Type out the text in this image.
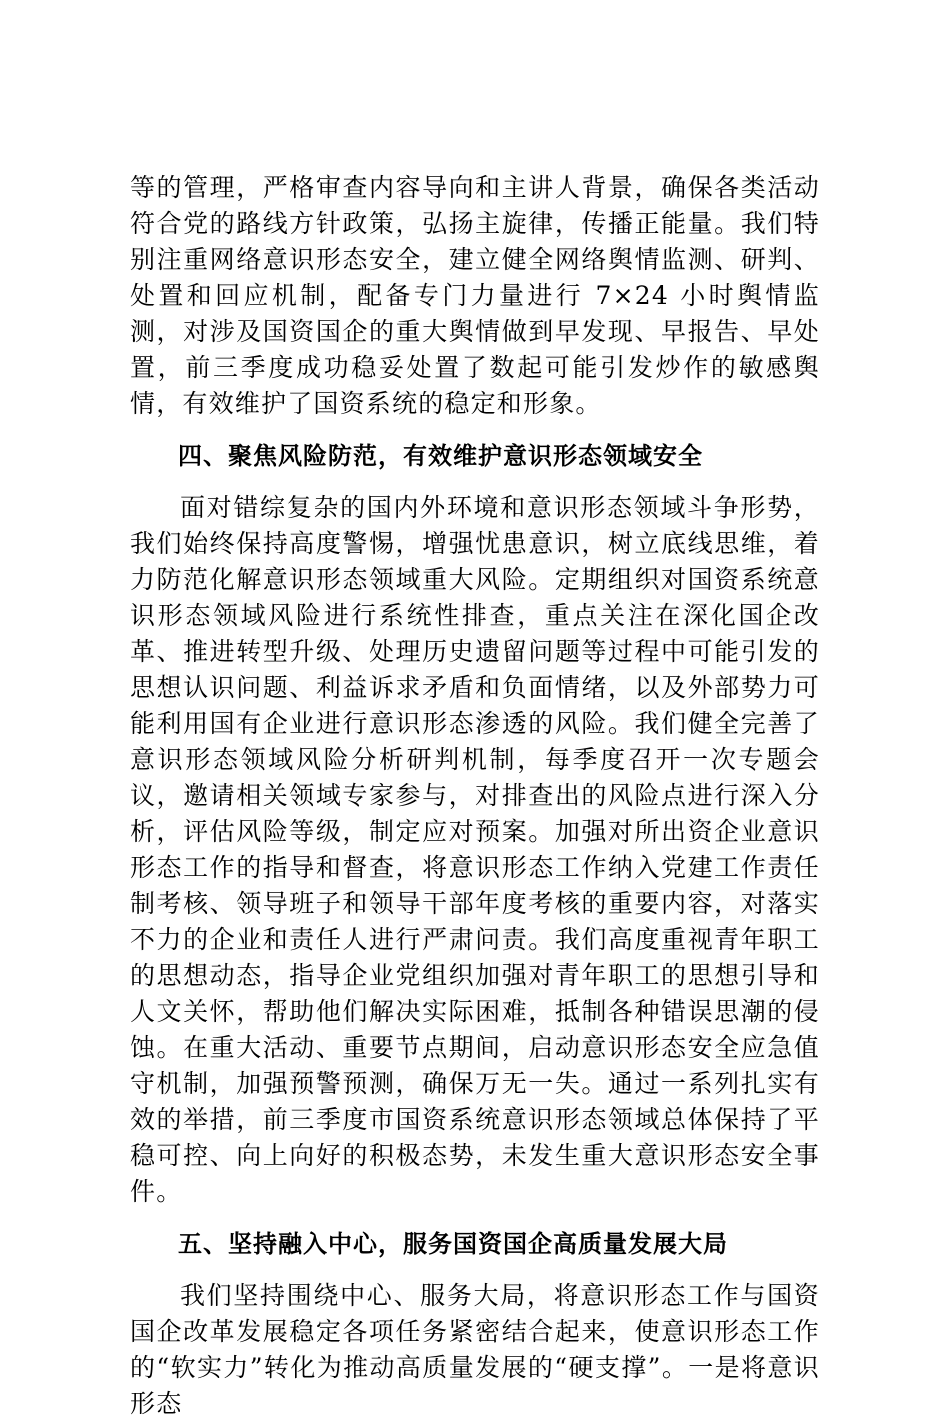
等的管理，严格审查内容导向和主讲人背景，确保各类活动符合党的路线方针政策，弘扬主旋律，传播正能量。我们特别注重网络意识形态安全，建立健全网络舆情监测、研判、处置和回应机制，配备专门力量进行 7×24 小时舆情监测，对涉及国资国企的重大舆情做到早发现、早报告、早处置，前三季度成功稳妥处置了数起可能引发炒作的敏感舆情，有效维护了国资系统的稳定和形象。

四、聚焦风险防范，有效维护意识形态领域安全

面对错综复杂的国内外环境和意识形态领域斗争形势，我们始终保持高度警惕，增强忧患意识，树立底线思维，着力防范化解意识形态领域重大风险。定期组织对国资系统意识形态领域风险进行系统性排查，重点关注在深化国企改革、推进转型升级、处理历史遗留问题等过程中可能引发的思想认识问题、利益诉求矛盾和负面情绪，以及外部势力可能利用国有企业进行意识形态渗透的风险。我们健全完善了意识形态领域风险分析研判机制，每季度召开一次专题会议，邀请相关领域专家参与，对排查出的风险点进行深入分析，评估风险等级，制定应对预案。加强对所出资企业意识形态工作的指导和督查，将意识形态工作纳入党建工作责任制考核、领导班子和领导干部年度考核的重要内容，对落实不力的企业和责任人进行严肃问责。我们高度重视青年职工的思想动态，指导企业党组织加强对青年职工的思想引导和人文关怀，帮助他们解决实际困难，抵制各种错误思潮的侵蚀。在重大活动、重要节点期间，启动意识形态安全应急值守机制，加强预警预测，确保万无一失。通过一系列扎实有效的举措，前三季度市国资系统意识形态领域总体保持了平稳可控、向上向好的积极态势，未发生重大意识形态安全事件。

五、坚持融入中心，服务国资国企高质量发展大局

我们坚持围绕中心、服务大局，将意识形态工作与国资国企改革发展稳定各项任务紧密结合起来，使意识形态工作的“软实力”转化为推动高质量发展的“硬支撑”。一是将意识形态
